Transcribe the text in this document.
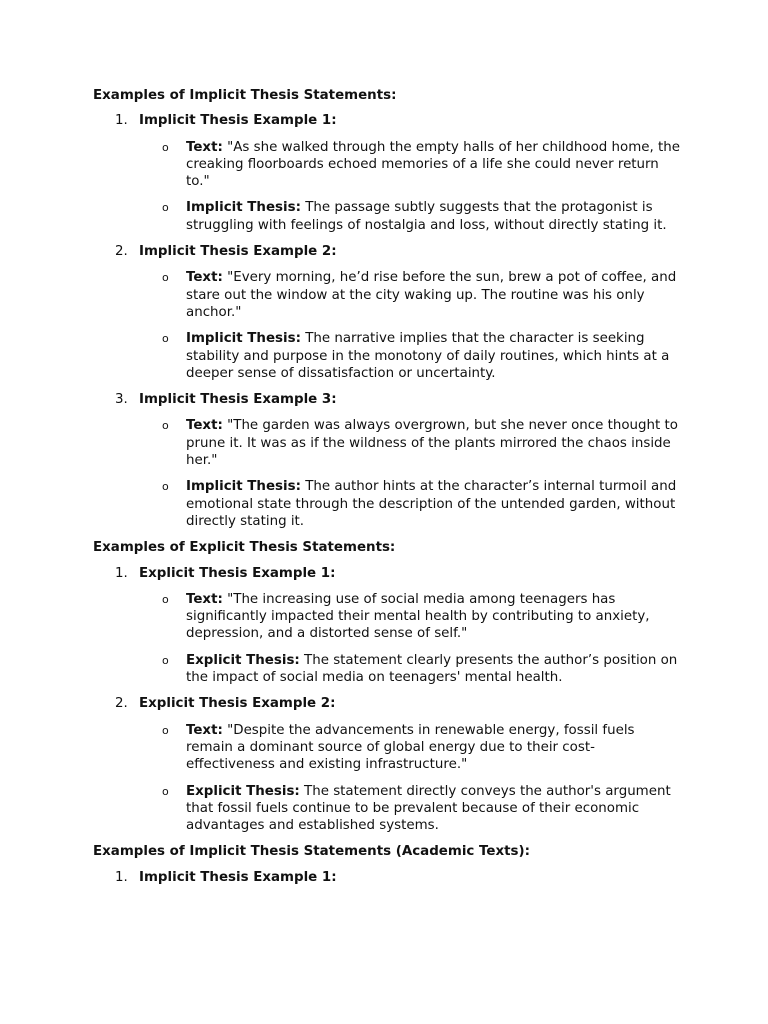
Examples of Implicit Thesis Statements:
1. Implicit Thesis Example 1:
o Text: "As she walked through the empty halls of her childhood home, the creaking floorboards echoed memories of a life she could never return to."
o Implicit Thesis: The passage subtly suggests that the protagonist is struggling with feelings of nostalgia and loss, without directly stating it.
2. Implicit Thesis Example 2:
o Text: "Every morning, he’d rise before the sun, brew a pot of coffee, and stare out the window at the city waking up. The routine was his only anchor."
o Implicit Thesis: The narrative implies that the character is seeking stability and purpose in the monotony of daily routines, which hints at a deeper sense of dissatisfaction or uncertainty.
3. Implicit Thesis Example 3:
o Text: "The garden was always overgrown, but she never once thought to prune it. It was as if the wildness of the plants mirrored the chaos inside her."
o Implicit Thesis: The author hints at the character’s internal turmoil and emotional state through the description of the untended garden, without directly stating it.
Examples of Explicit Thesis Statements:
1. Explicit Thesis Example 1:
o Text: "The increasing use of social media among teenagers has significantly impacted their mental health by contributing to anxiety, depression, and a distorted sense of self."
o Explicit Thesis: The statement clearly presents the author’s position on the impact of social media on teenagers' mental health.
2. Explicit Thesis Example 2:
o Text: "Despite the advancements in renewable energy, fossil fuels remain a dominant source of global energy due to their cost-effectiveness and existing infrastructure."
o Explicit Thesis: The statement directly conveys the author's argument that fossil fuels continue to be prevalent because of their economic advantages and established systems.
Examples of Implicit Thesis Statements (Academic Texts):
1. Implicit Thesis Example 1:
